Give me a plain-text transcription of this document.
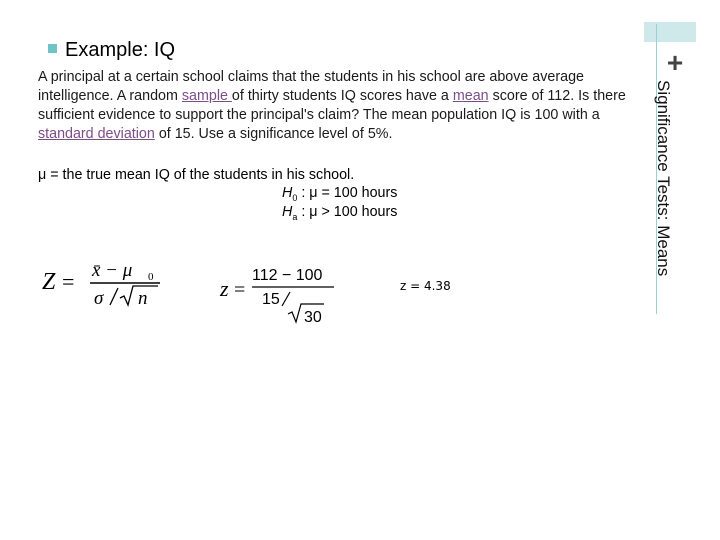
+
Significance Tests: Means
Example: IQ
A principal at a certain school claims that the students in his school are above average intelligence. A random sample of thirty students IQ scores have a mean score of 112. Is there sufficient evidence to support the principal's claim? The mean population IQ is 100 with a standard deviation of 15. Use a significance level of 5%.
μ = the true mean IQ of the students in his school.
$H_0$ : μ = 100 hours
$H_a$ : μ > 100 hours
Z = x̄ − μ 0
σ n	z =
112 − 100
15
30
z = 4.38
